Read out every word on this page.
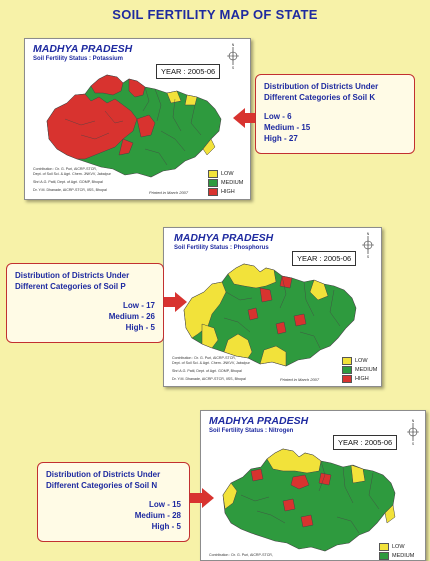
SOIL FERTILITY MAP OF STATE
MADHYA PRADESH
Soil Fertility Status : Potassium
YEAR : 2005-06
N
S
LOW
MEDIUM
HIGH
Contribution : Dr. G. Puri, AICRP-STCR,
Dept. of Soil Sci. & Agri. Chem. JNKVV, Jabalpur
Shri A.G. Patil, Dept. of Agri. GOMP, Bhopal
Dr. Y.M. Dhanade, AICRP-STCR, IISS, Bhopal	Printed in March 2007
Distribution of Districts Under
Different Categories of Soil K
Low - 6
Medium - 15
High - 27
MADHYA PRADESH
Soil Fertility Status : Phosphorus
YEAR : 2005-06
N
S
LOW
MEDIUM
HIGH
Contribution : Dr. G. Puri, AICRP-STCR,
Dept. of Soil Sci. & Agri. Chem. JNKVV, Jabalpur
Shri A.G. Patil, Dept. of Agri. GOMP, Bhopal
Dr. Y.M. Dhanade, AICRP-STCR, IISS, Bhopal	Printed in March 2007
Distribution of Districts Under
Different Categories of Soil P
Low - 17
Medium - 26
High - 5
MADHYA PRADESH
Soil Fertility Status : Nitrogen
YEAR : 2005-06
N
S
LOW
MEDIUM
Contribution : Dr. G. Puri, AICRP-STCR,
Distribution of Districts Under
Different Categories of Soil N
Low - 15
Medium - 28
High - 5
